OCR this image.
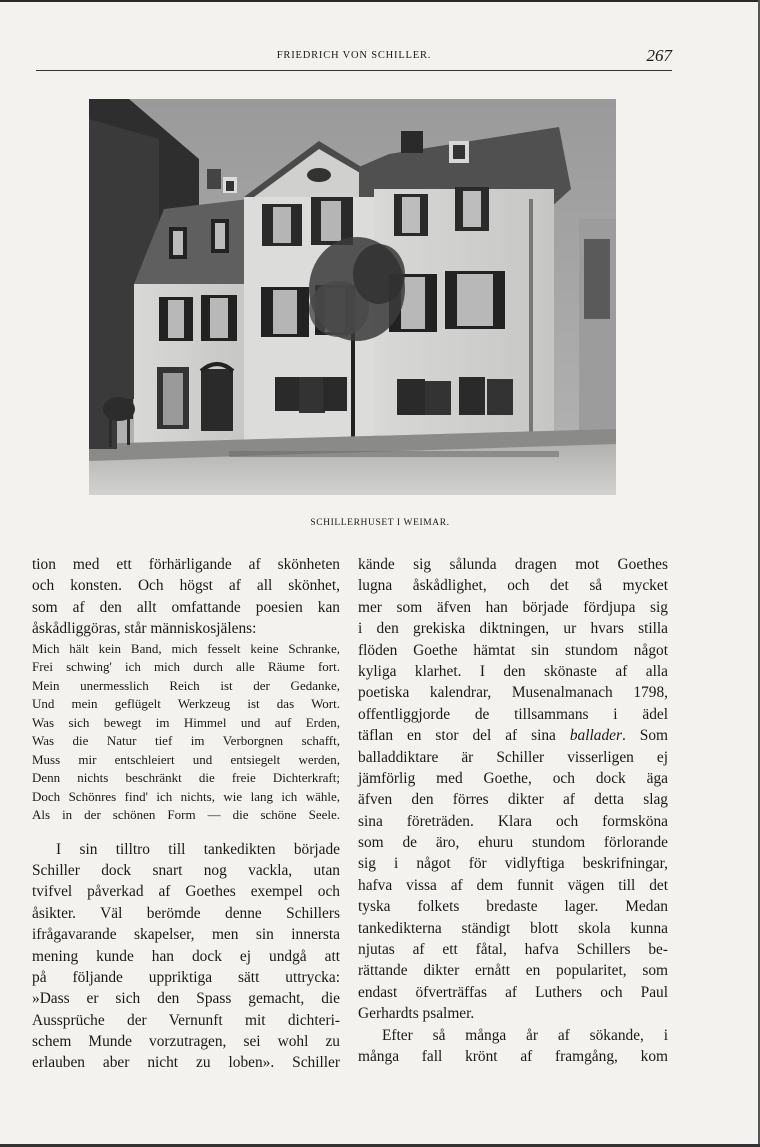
FRIEDRICH VON SCHILLER.	267
SCHILLERHUSET I WEIMAR.
tion med ett förhärligande af skönheten
och konsten. Och högst af all skönhet,
som af den allt omfattande poesien kan
åskådliggöras, står människosjälens:
Mich hält kein Band, mich fesselt keine Schranke,
Frei schwing' ich mich durch alle Räume fort.
Mein unermesslich Reich ist der Gedanke,
Und mein geflügelt Werkzeug ist das Wort.
Was sich bewegt im Himmel und auf Erden,
Was die Natur tief im Verborgnen schafft,
Muss mir entschleiert und entsiegelt werden,
Denn nichts beschränkt die freie Dichterkraft;
Doch Schönres find' ich nichts, wie lang ich wähle,
Als in der schönen Form — die schöne Seele.
I sin tilltro till tankedikten började
Schiller dock snart nog vackla, utan
tvifvel påverkad af Goethes exempel och
åsikter. Väl berömde denne Schillers
ifrågavarande skapelser, men sin innersta
mening kunde han dock ej undgå att
på följande uppriktiga sätt uttrycka:
»Dass er sich den Spass gemacht, die
Aussprüche der Vernunft mit dichteri-
schem Munde vorzutragen, sei wohl zu
erlauben aber nicht zu loben». Schiller
kände sig sålunda dragen mot Goethes
lugna åskådlighet, och det så mycket
mer som äfven han började fördjupa sig
i den grekiska diktningen, ur hvars stilla
flöden Goethe hämtat sin stundom något
kyliga klarhet. I den skönaste af alla
poetiska kalendrar, Musenalmanach 1798,
offentliggjorde de tillsammans i ädel
täflan en stor del af sina ballader. Som
balladdiktare är Schiller visserligen ej
jämförlig med Goethe, och dock äga
äfven den förres dikter af detta slag
sina företräden. Klara och formsköna
som de äro, ehuru stundom förlorande
sig i något för vidlyftiga beskrifningar,
hafva vissa af dem funnit vägen till det
tyska folkets bredaste lager. Medan
tankedikterna ständigt blott skola kunna
njutas af ett fåtal, hafva Schillers be-
rättande dikter ernått en popularitet, som
endast öfverträffas af Luthers och Paul
Gerhardts psalmer.
Efter så många år af sökande, i
många fall krönt af framgång, kom
